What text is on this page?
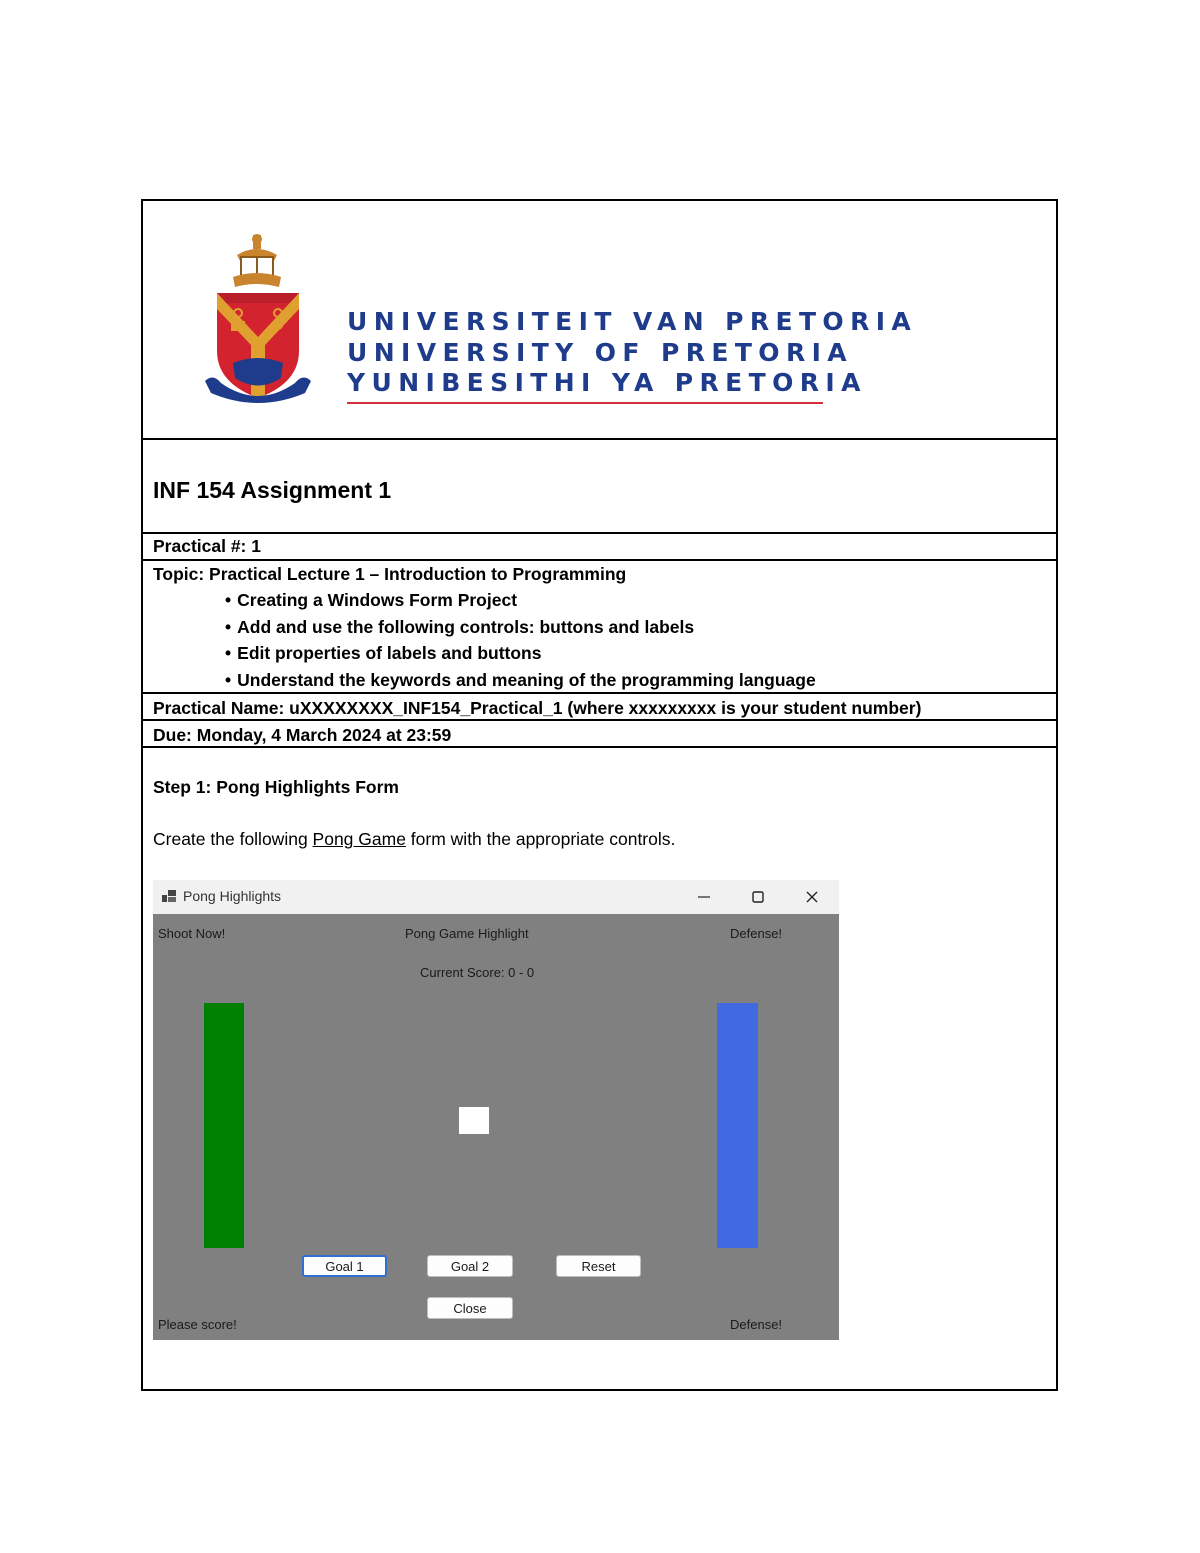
UNIVERSITEIT VAN PRETORIA
UNIVERSITY OF PRETORIA
YUNIBESITHI YA PRETORIA
INF 154 Assignment 1
Practical #: 1
Topic: Practical Lecture 1 – Introduction to Programming
• Creating a Windows Form Project
• Add and use the following controls: buttons and labels
• Edit properties of labels and buttons
• Understand the keywords and meaning of the programming language
Practical Name: uXXXXXXXX_INF154_Practical_1 (where xxxxxxxxx is your student number)
Due: Monday, 4 March 2024 at 23:59
Step 1: Pong Highlights Form
Create the following Pong Game form with the appropriate controls.
Pong Highlights
Shoot Now!	Pong Game Highlight	Defense!
Current Score: 0 - 0
Goal 1	Goal 2	Reset
Close
Please score!	Defense!
